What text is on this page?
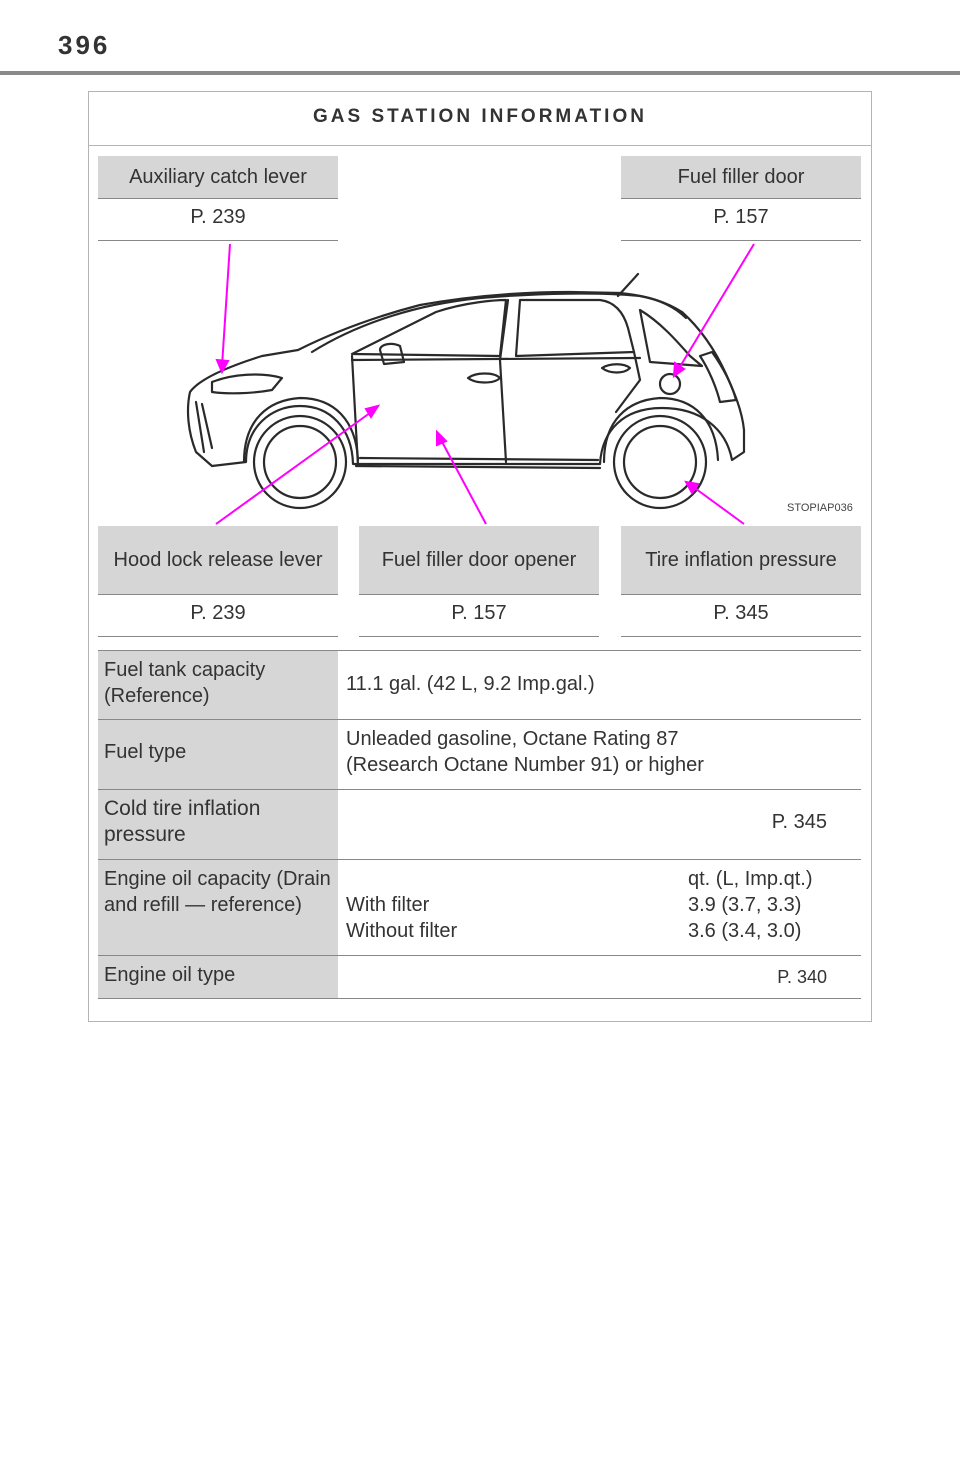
396
GAS STATION INFORMATION
STOPIAP036
Auxiliary catch lever
P. 239
Fuel filler door
P. 157
Hood lock release lever
P. 239
Fuel filler door opener
P. 157
Tire inflation pressure
P. 345
Fuel tank capacity (Reference)
11.1 gal. (42 L, 9.2 Imp.gal.)
Fuel type
Unleaded gasoline, Octane Rating 87
(Research Octane Number 91) or higher
Cold tire inflation pressure
P. 345
Engine oil capacity (Drain and refill — reference)
	With filter
Without filter
qt. (L, Imp.qt.)
3.9 (3.7, 3.3)
3.6 (3.4, 3.0)
Engine oil type	P. 340
